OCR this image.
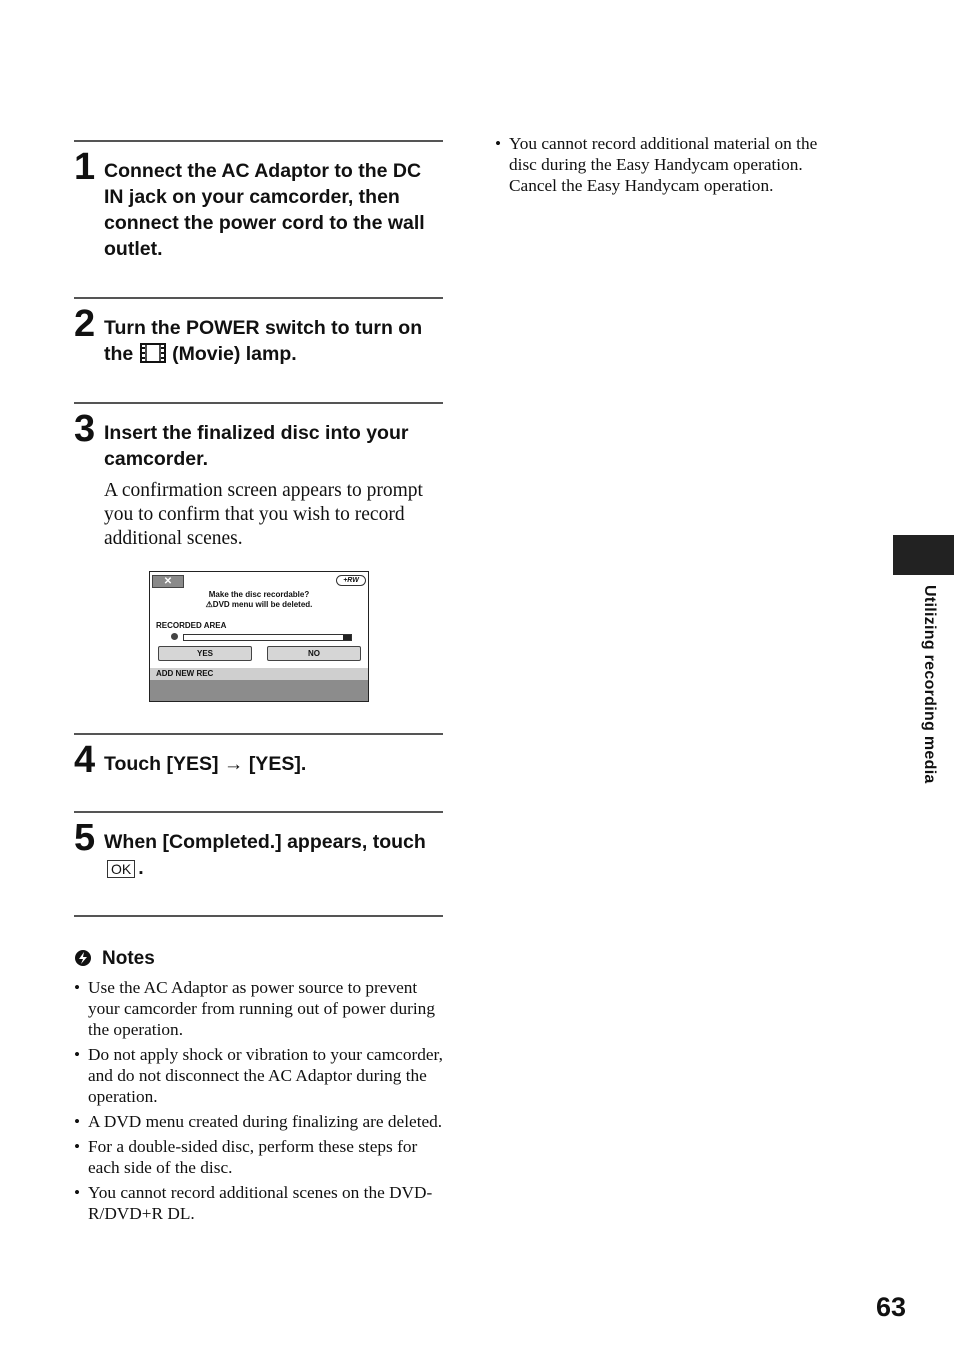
1 Connect the AC Adaptor to the DC IN jack on your camcorder, then connect the power cord to the wall outlet.
2 Turn the POWER switch to turn on the (Movie) lamp.
3 Insert the finalized disc into your camcorder.
A confirmation screen appears to prompt you to confirm that you wish to record additional scenes.
✕	+RW
Make the disc recordable?
⚠DVD menu will be deleted.
RECORDED AREA
YES	NO
ADD NEW REC
4 Touch [YES] → [YES].
5 When [Completed.] appears, touchOK .
Notes
• Use the AC Adaptor as power source to prevent your camcorder from running out of power during the operation.
• Do not apply shock or vibration to your camcorder, and do not disconnect the AC Adaptor during the operation.
• A DVD menu created during finalizing are deleted.
• For a double-sided disc, perform these steps for each side of the disc.
• You cannot record additional scenes on the DVD-R/DVD+R DL.
• You cannot record additional material on the disc during the Easy Handycam operation. Cancel the Easy Handycam operation.
Utilizing recording media
63
